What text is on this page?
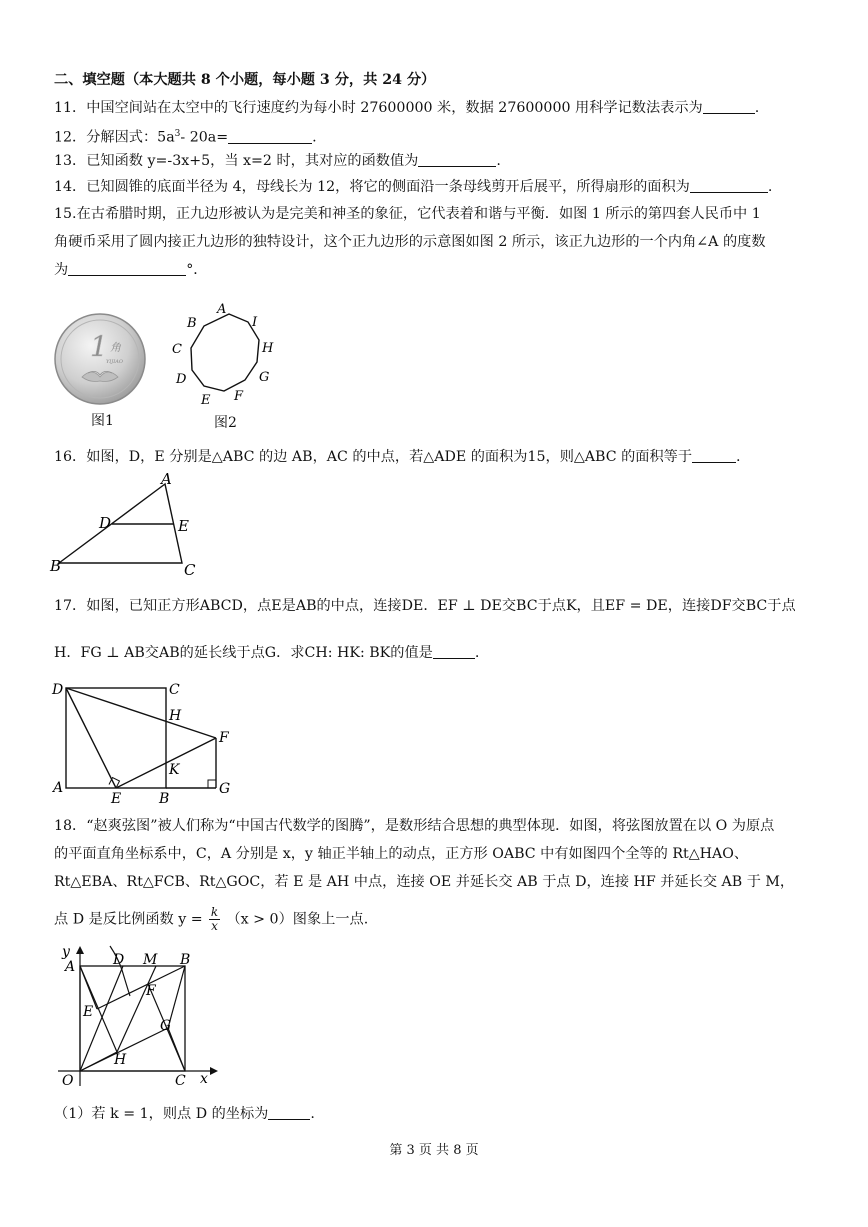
二、填空题（本大题共 8 个小题，每小题 3 分，共 24 分）
11．中国空间站在太空中的飞行速度约为每小时 27600000 米，数据 27600000 用科学记数法表示为	.
12．分解因式：$5a^3-$ 20a=	.
13．已知函数 y=-3x+5，当 x=2 时，其对应的函数值为	.
14．已知圆锥的底面半径为 4，母线长为 12，将它的侧面沿一条母线剪开后展平，所得扇形的面积为	.
15.在古希腊时期，正九边形被认为是完美和神圣的象征，它代表着和谐与平衡．如图 1 所示的第四套人民币中 1
角硬币采用了圆内接正九边形的独特设计，这个正九边形的示意图如图 2 所示，该正九边形的一个内角∠A 的度数
为	°．
1 角
YIJIAO
图1
A
I
H
G
F
E
D
C
B
图2
16．如图，D，E 分别是△ABC 的边 AB，AC 的中点，若△ADE 的面积为15，则△ABC 的面积等于	.
A
B	C
D	E
17．如图，已知正方形ABCD，点E是AB的中点，连接DE．EF ⊥ DE交BC于点K，且EF = DE，连接DF交BC于点
H．FG ⊥ AB交AB的延长线于点G．求CH: HK: BK的值是	.
D	C
H
F
K
A
E	B
G
18．“赵爽弦图”被人们称为“中国古代数学的图腾”，是数形结合思想的典型体现．如图，将弦图放置在以 O 为原点
的平面直角坐标系中，C，A 分别是 x，y 轴正半轴上的动点，正方形 OABC 中有如图四个全等的 Rt△HAO、
Rt△EBA、Rt△FCB、Rt△GOC，若 E 是 AH 中点，连接 OE 并延长交 AB 于点 D，连接 HF 并延长交 AB 于 M，
点 D 是反比例函数 $y = \frac{k}{x} (x > 0)$图象上一点.
y
A	D M B
F
E
G
H
O	C x
（1）若 k = 1，则点 D 的坐标为	.
第 3 页 共 8 页
